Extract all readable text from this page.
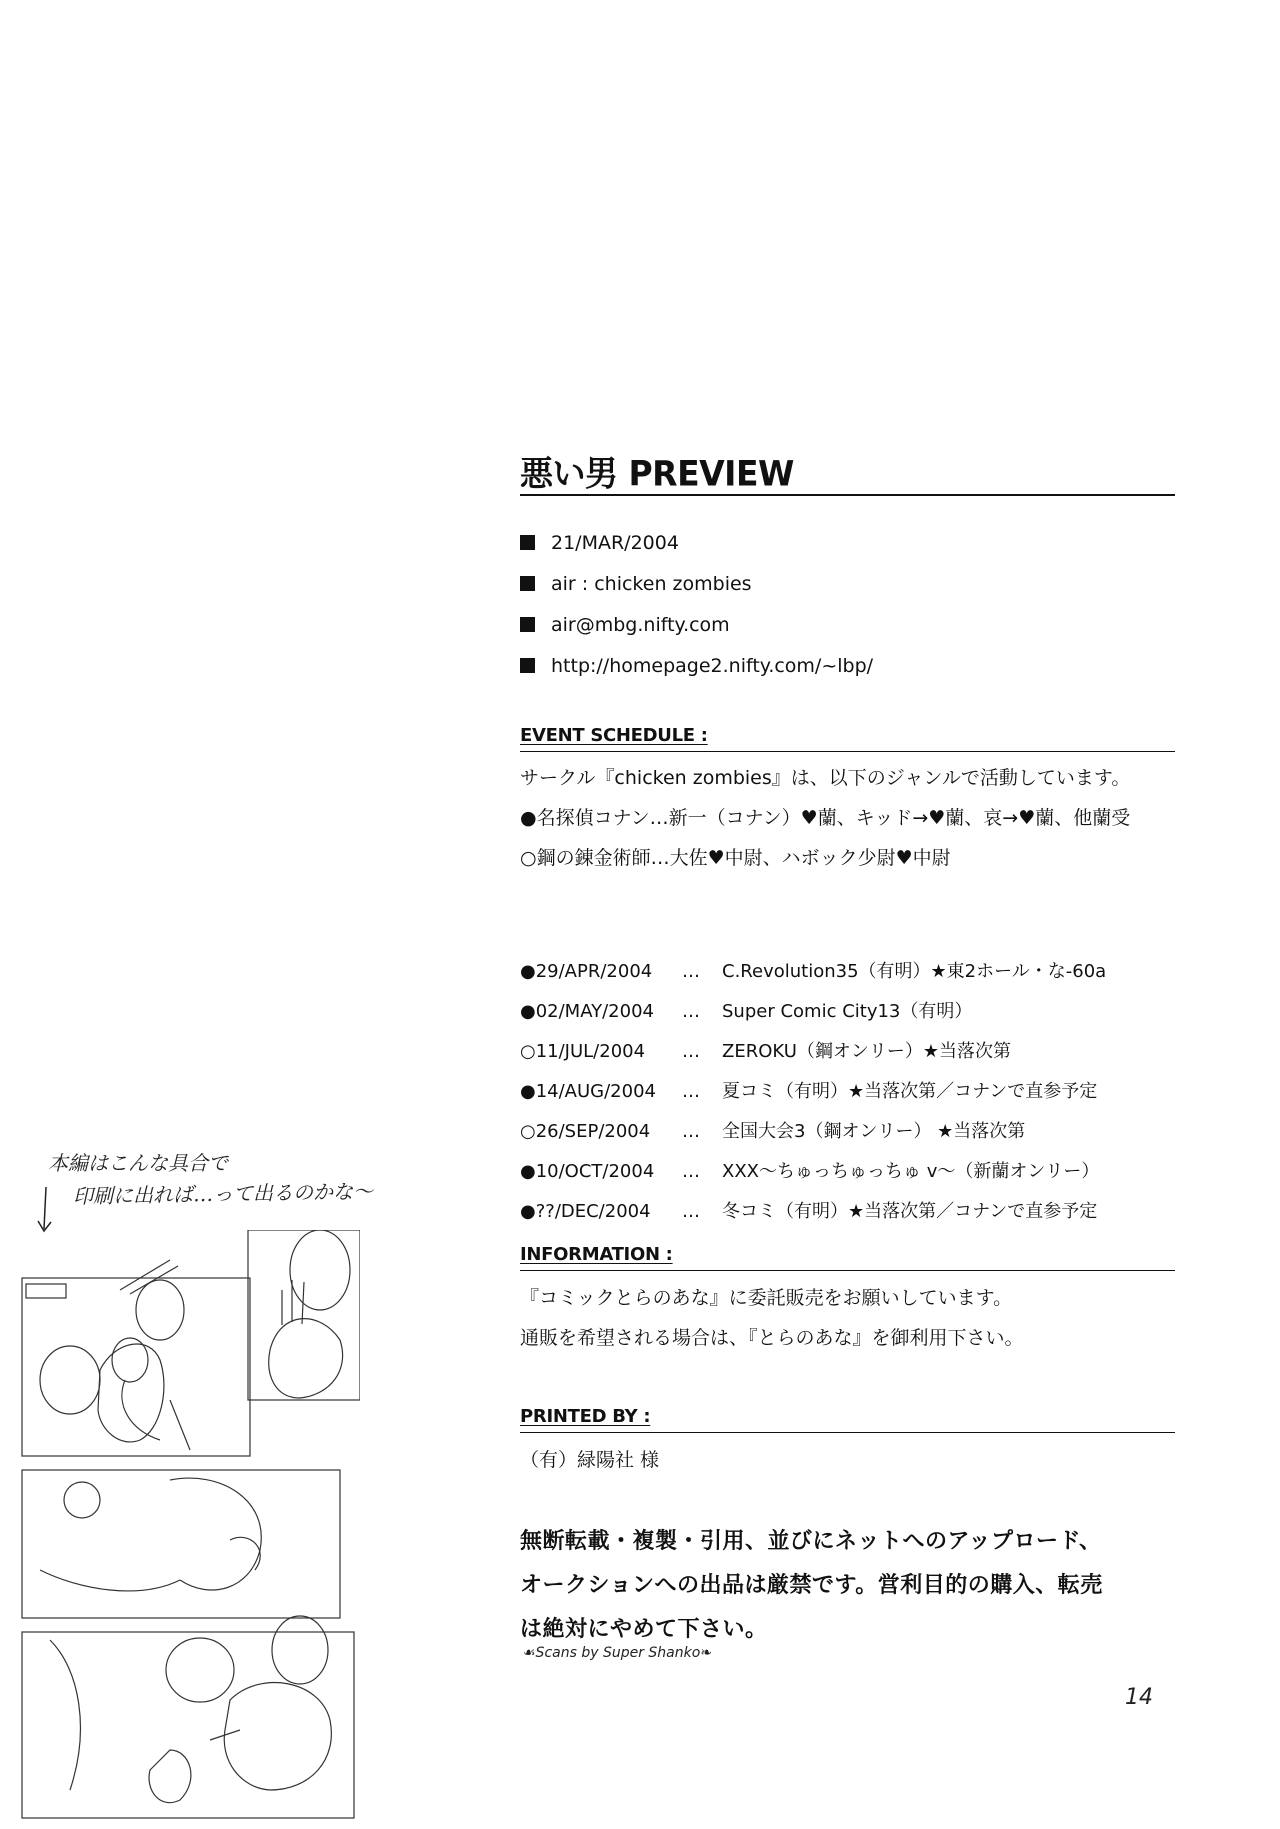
悪い男 PREVIEW
21/MAR/2004
air : chicken zombies
air@mbg.nifty.com
http://homepage2.nifty.com/~lbp/
EVENT SCHEDULE :
サークル『chicken zombies』は、以下のジャンルで活動しています。
●名探偵コナン…新一（コナン）♥蘭、キッド→♥蘭、哀→♥蘭、他蘭受
○鋼の錬金術師…大佐♥中尉、ハボック少尉♥中尉
●29/APR/2004	…	C.Revolution35（有明）★東2ホール・な-60a
●02/MAY/2004	…	Super Comic City13（有明）
○11/JUL/2004	…	ZEROKU（鋼オンリー）★当落次第
●14/AUG/2004	…	夏コミ（有明）★当落次第／コナンで直参予定
○26/SEP/2004	…	全国大会3（鋼オンリー） ★当落次第
●10/OCT/2004	…	XXX～ちゅっちゅっちゅ v～（新蘭オンリー）
●??/DEC/2004	…	冬コミ（有明）★当落次第／コナンで直参予定
INFORMATION :
『コミックとらのあな』に委託販売をお願いしています。
通販を希望される場合は、『とらのあな』を御利用下さい。
PRINTED BY :
（有）緑陽社 様
無断転載・複製・引用、並びにネットへのアップロード、
オークションへの出品は厳禁です。営利目的の購入、転売
は絶対にやめて下さい。
☙Scans by Super Shanko❧
14
本編はこんな具合で
印刷に出れば…って出るのかな～
